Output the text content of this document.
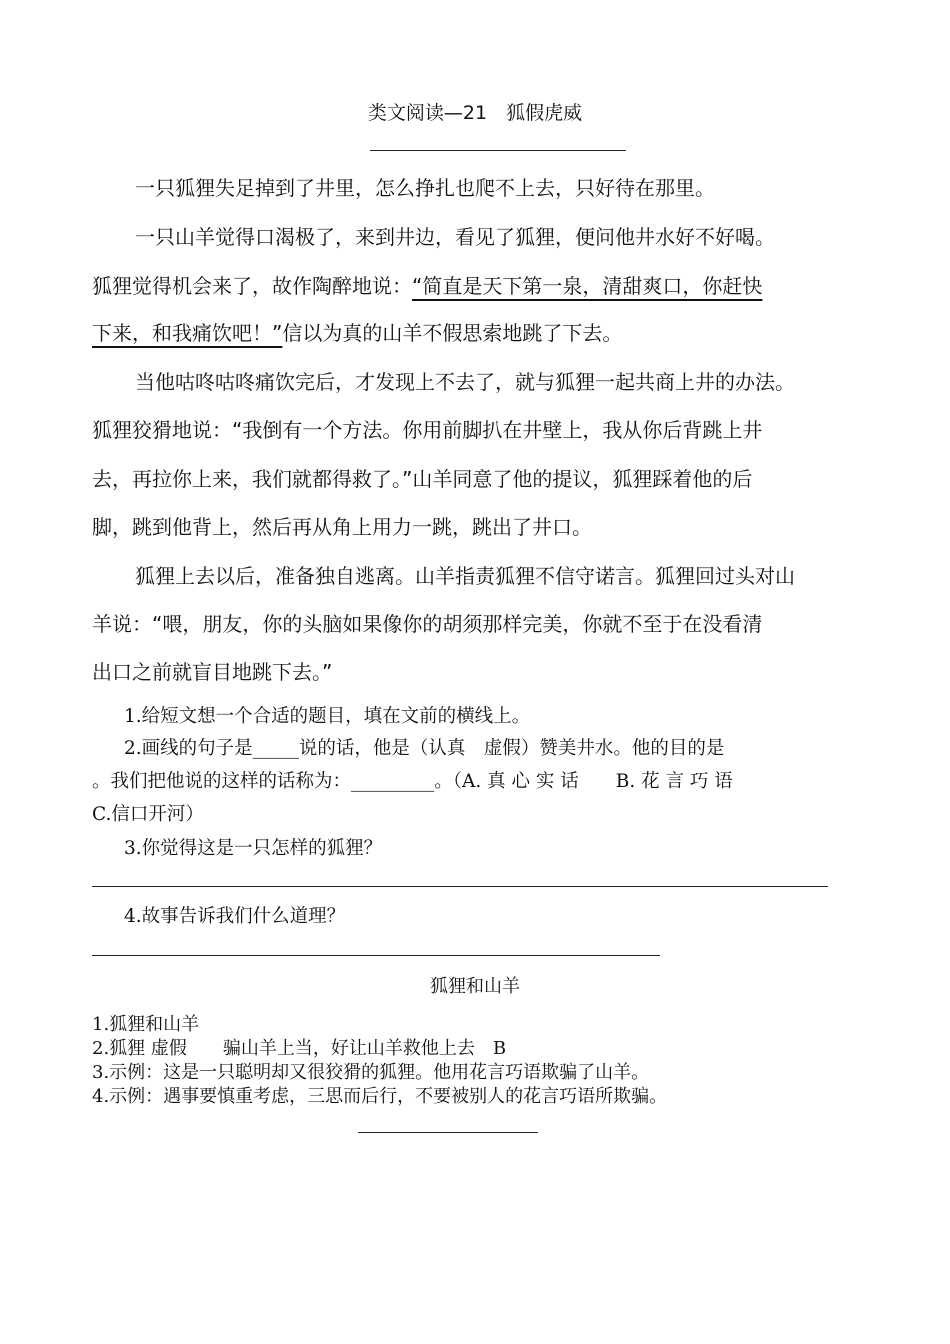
类文阅读—21　狐假虎威
一只狐狸失足掉到了井里，怎么挣扎也爬不上去，只好待在那里。
一只山羊觉得口渴极了，来到井边，看见了狐狸，便问他井水好不好喝。
狐狸觉得机会来了，故作陶醉地说：“简直是天下第一泉，清甜爽口，你赶快
下来，和我痛饮吧！”信以为真的山羊不假思索地跳了下去。
当他咕咚咕咚痛饮完后，才发现上不去了，就与狐狸一起共商上井的办法。
狐狸狡猾地说：“我倒有一个方法。你用前脚扒在井壁上，我从你后背跳上井
去，再拉你上来，我们就都得救了。”山羊同意了他的提议，狐狸踩着他的后
脚，跳到他背上，然后再从角上用力一跳，跳出了井口。
狐狸上去以后，准备独自逃离。山羊指责狐狸不信守诺言。狐狸回过头对山
羊说：“喂，朋友，你的头脑如果像你的胡须那样完美，你就不至于在没看清
出口之前就盲目地跳下去。”
1.给短文想一个合适的题目，填在文前的横线上。
2.画线的句子是_____说的话，他是（认真　虚假）赞美井水。他的目的是
。我们把他说的这样的话称为：_________。（A. 真 心 实 话　　B. 花 言 巧 语
C.信口开河）
3.你觉得这是一只怎样的狐狸？
4.故事告诉我们什么道理？
狐狸和山羊
1.狐狸和山羊
2.狐狸 虚假　　骗山羊上当，好让山羊救他上去　B
3.示例：这是一只聪明却又很狡猾的狐狸。他用花言巧语欺骗了山羊。
4.示例：遇事要慎重考虑，三思而后行，不要被别人的花言巧语所欺骗。
